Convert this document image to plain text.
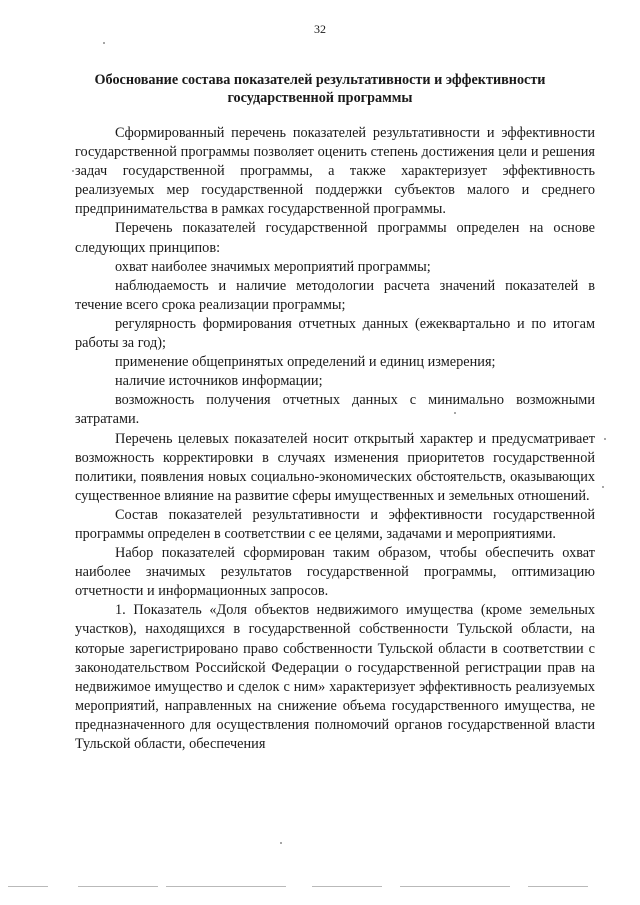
32
Обоснование состава показателей результативности и эффективности государственной программы

Сформированный перечень показателей результативности и эффективности государственной программы позволяет оценить степень достижения цели и решения задач государственной программы, а также характеризует эффективность реализуемых мер государственной поддержки субъектов малого и среднего предпринимательства в рамках государственной программы.

Перечень показателей государственной программы определен на основе следующих принципов:

охват наиболее значимых мероприятий программы;

наблюдаемость и наличие методологии расчета значений показателей в течение всего срока реализации программы;

регулярность формирования отчетных данных (ежеквартально и по итогам работы за год);

применение общепринятых определений и единиц измерения;

наличие источников информации;

возможность получения отчетных данных с минимально возможными затратами.

Перечень целевых показателей носит открытый характер и предусматривает возможность корректировки в случаях изменения приоритетов государственной политики, появления новых социально-экономических обстоятельств, оказывающих существенное влияние на развитие сферы имущественных и земельных отношений.

Состав показателей результативности и эффективности государственной программы определен в соответствии с ее целями, задачами и мероприятиями.

Набор показателей сформирован таким образом, чтобы обеспечить охват наиболее значимых результатов государственной программы, оптимизацию отчетности и информационных запросов.

1. Показатель «Доля объектов недвижимого имущества (кроме земельных участков), находящихся в государственной собственности Тульской области, на которые зарегистрировано право собственности Тульской области в соответствии с законодательством Российской Федерации о государственной регистрации прав на недвижимое имущество и сделок с ним» характеризует эффективность реализуемых мероприятий, направленных на снижение объема государственного имущества, не предназначенного для осуществления полномочий органов государственной власти Тульской области, обеспечения
